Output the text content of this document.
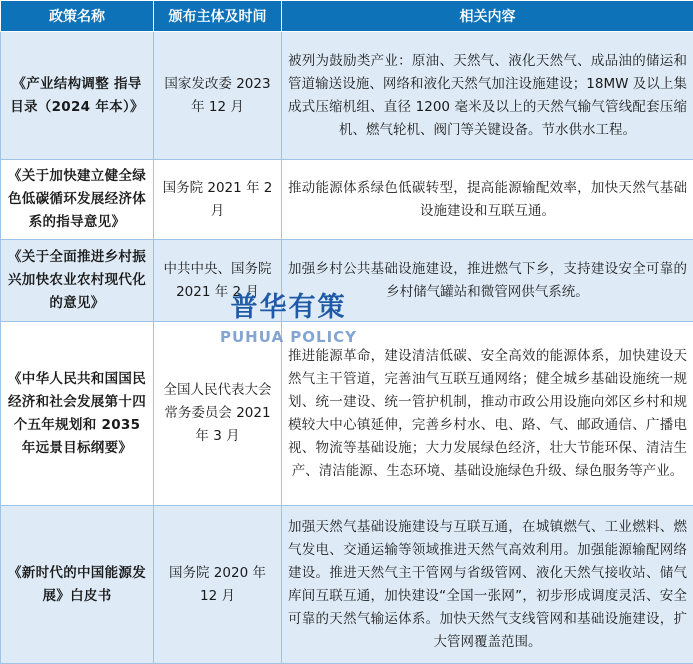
政策名称	颁布主体及时间	相关内容
《产业结构调整 指导目录（2024 年本）》	国家发改委 2023 年 12 月	被列为鼓励类产业：原油、天然气、液化天然气、成品油的储运和管道输送设施、网络和液化天然气加注设施建设；18MW 及以上集成式压缩机组、直径 1200 毫米及以上的天然气输气管线配套压缩机、燃气轮机、阀门等关键设备。节水供水工程。
《关于加快建立健全绿色低碳循环发展经济体系的指导意见》	国务院 2021 年 2 月	推动能源体系绿色低碳转型，提高能源输配效率，加快天然气基础设施建设和互联互通。
《关于全面推进乡村振兴加快农业农村现代化的意见》	中共中央、国务院 2021 年 2 月	加强乡村公共基础设施建设，推进燃气下乡，支持建设安全可靠的乡村储气罐站和微管网供气系统。
《中华人民共和国国民经济和社会发展第十四个五年规划和 2035 年远景目标纲要》	全国人民代表大会常务委员会 2021 年 3 月	推进能源革命，建设清洁低碳、安全高效的能源体系，加快建设天然气主干管道，完善油气互联互通网络；健全城乡基础设施统一规划、统一建设、统一管护机制，推动市政公用设施向郊区乡村和规模较大中心镇延伸，完善乡村水、电、路、气、邮政通信、广播电视、物流等基础设施；大力发展绿色经济，壮大节能环保、清洁生产、清洁能源、生态环境、基础设施绿色升级、绿色服务等产业。
《新时代的中国能源发展》白皮书	国务院 2020 年 12 月	加强天然气基础设施建设与互联互通，在城镇燃气、工业燃料、燃气发电、交通运输等领域推进天然气高效利用。加强能源输配网络建设。推进天然气主干管网与省级管网、液化天然气接收站、储气库间互联互通，加快建设“全国一张网”，初步形成调度灵活、安全可靠的天然气输运体系。加快天然气支线管网和基础设施建设，扩大管网覆盖范围。
普华有策
PUHUA POLICY
